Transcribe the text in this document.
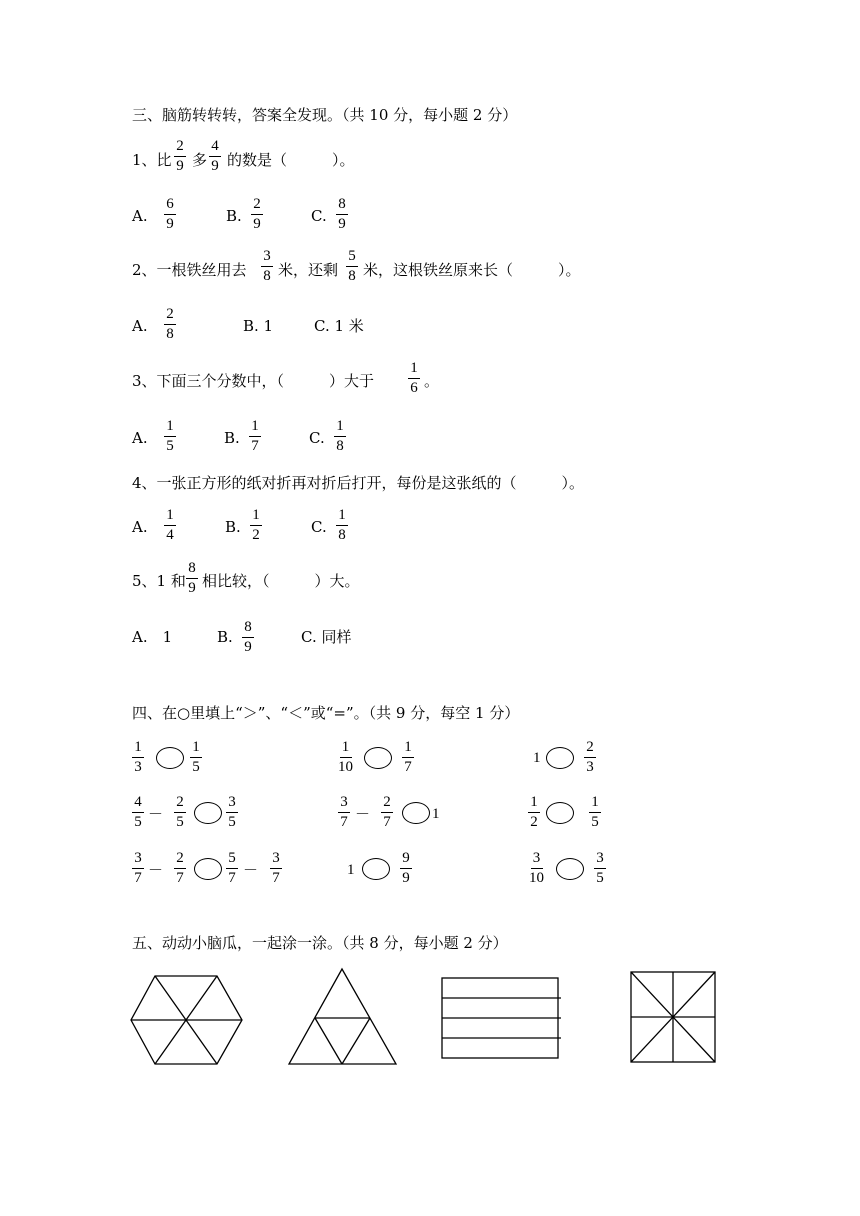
三、脑筋转转转，答案全发现。（共 10 分，每小题 2 分）
1、比 $\frac{2}{9}$ 多 $\frac{4}{9}$ 的数是（　　　）。
A. $\frac{6}{9}$	B. $\frac{2}{9}$	C. $\frac{8}{9}$
2、一根铁丝用去 $\frac{3}{8}$ 米，还剩 $\frac{5}{8}$ 米，这根铁丝原来长（　　　）。
A. $\frac{2}{8}$	B. 1	C. 1 米
3、下面三个分数中，（　　　）大于 $\frac{1}{6}$ 。
A. $\frac{1}{5}$	B. $\frac{1}{7}$	C. $\frac{1}{8}$
4、一张正方形的纸对折再对折后打开，每份是这张纸的（　　　）。
A. $\frac{1}{4}$	B. $\frac{1}{2}$	C. $\frac{1}{8}$
5、1 和 $\frac{8}{9}$ 相比较，（　　　）大。
A.　1	B. $\frac{8}{9}$	C. 同样
四、在○里填上“＞”、“＜”或“=”。（共 9 分，每空 1 分）
$\frac{1}{3}$	$\frac{1}{5}$	$\frac{1}{10}$	$\frac{1}{7}$	1	$\frac{2}{3}$
$\frac{4}{5} - \frac{2}{5}$	$\frac{3}{5}$	$\frac{3}{7} - \frac{2}{7}$	1	$\frac{1}{2}$	$\frac{1}{5}$
$\frac{3}{7} - \frac{2}{7}$	$\frac{5}{7} - \frac{3}{7}$	1	$\frac{9}{9}$	$\frac{3}{10}$	$\frac{3}{5}$
五、动动小脑瓜，一起涂一涂。（共 8 分，每小题 2 分）
